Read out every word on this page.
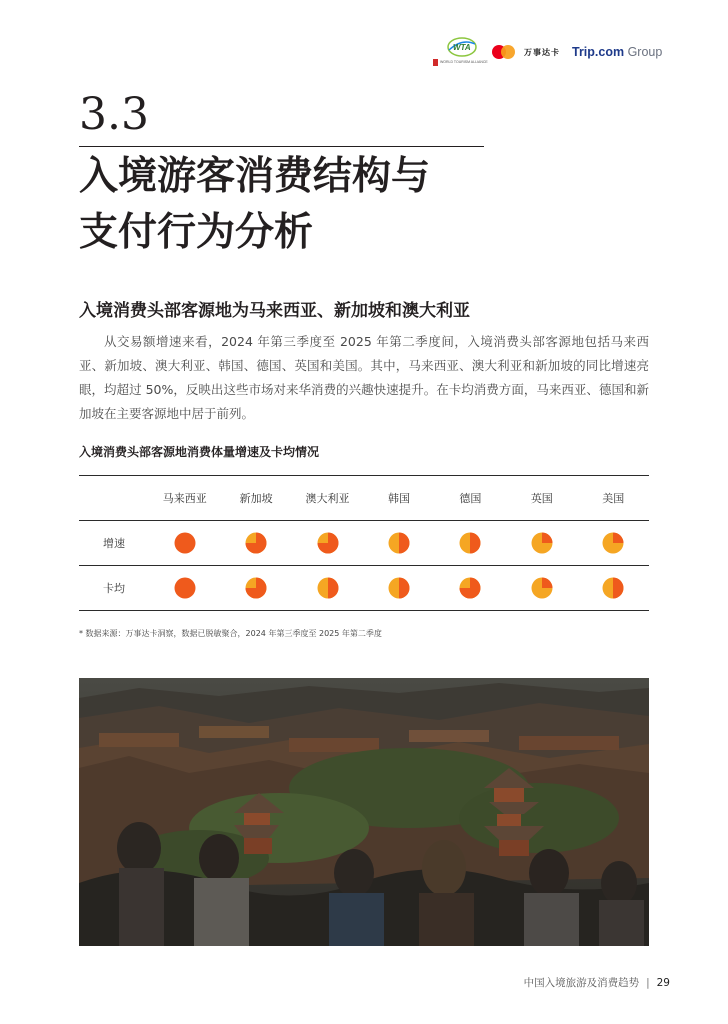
WTA
WORLD TOURISM ALLIANCE
万事达卡 Trip.com Group
3.3
入境游客消费结构与
支付行为分析
入境消费头部客源地为马来西亚、新加坡和澳大利亚

从交易额增速来看，2024 年第三季度至 2025 年第二季度间，入境消费头部客源地包括马来西亚、新加坡、澳大利亚、韩国、德国、英国和美国。其中，马来西亚、澳大利亚和新加坡的同比增速亮眼，均超过 50%，反映出这些市场对来华消费的兴趣快速提升。在卡均消费方面，马来西亚、德国和新加坡在主要客源地中居于前列。

入境消费头部客源地消费体量增速及卡均情况
	马来西亚	新加坡	澳大利亚	韩国	德国	英国	美国
增速	

卡均	

* 数据来源：万事达卡洞察，数据已脱敏聚合，2024 年第三季度至 2025 年第二季度

中国入境旅游及消费趋势 | 29
